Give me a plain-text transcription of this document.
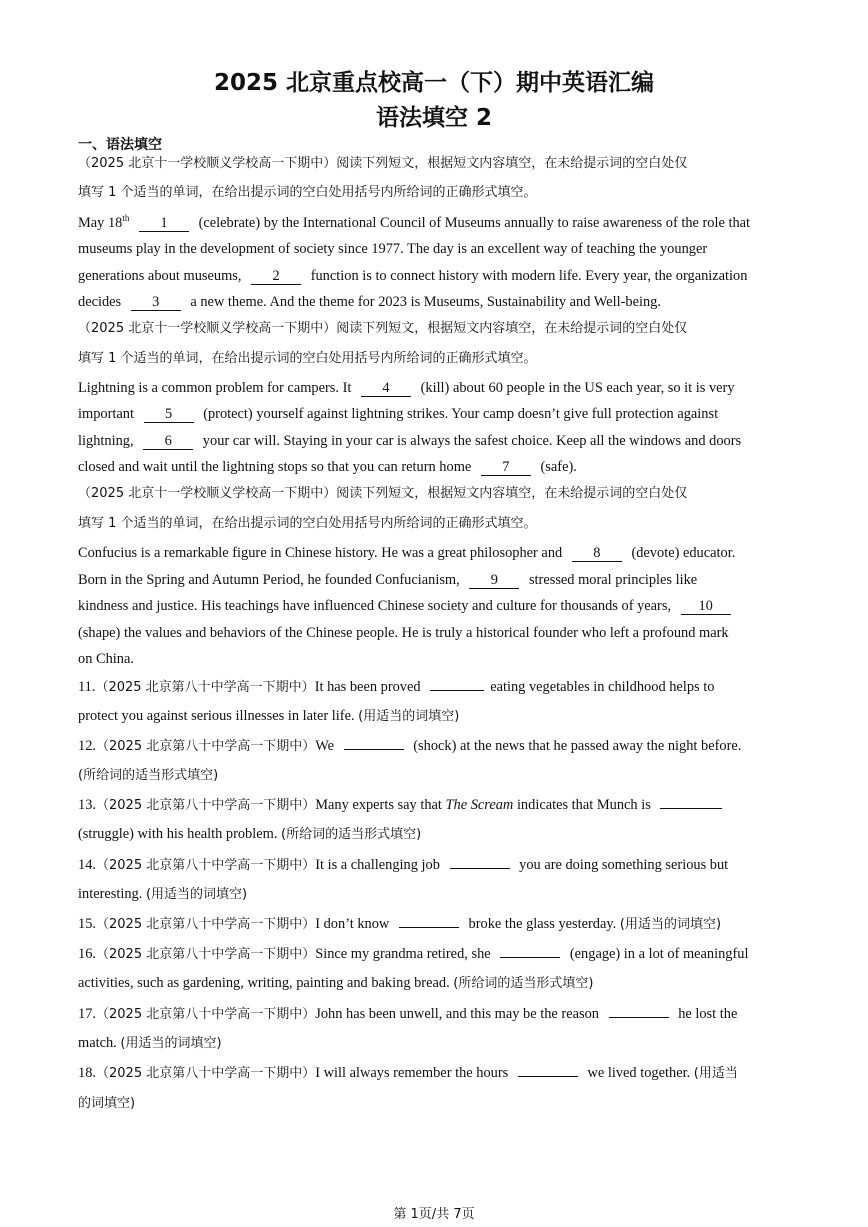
2025 北京重点校高一（下）期中英语汇编
语法填空 2
一、语法填空
（2025 北京十一学校顺义学校高一下期中）阅读下列短文，根据短文内容填空，在未给提示词的空白处仅
填写 1 个适当的单词，在给出提示词的空白处用括号内所给词的正确形式填空。
May 18th 1 (celebrate) by the International Council of Museums annually to raise awareness of the role that
museums play in the development of society since 1977. The day is an excellent way of teaching the younger
generations about museums, 2 function is to connect history with modern life. Every year, the organization
decides 3 a new theme. And the theme for 2023 is Museums, Sustainability and Well-being.
（2025 北京十一学校顺义学校高一下期中）阅读下列短文，根据短文内容填空，在未给提示词的空白处仅
填写 1 个适当的单词，在给出提示词的空白处用括号内所给词的正确形式填空。
Lightning is a common problem for campers. It 4 (kill) about 60 people in the US each year, so it is very
important 5 (protect) yourself against lightning strikes. Your camp doesn’t give full protection against
lightning, 6 your car will. Staying in your car is always the safest choice. Keep all the windows and doors
closed and wait until the lightning stops so that you can return home 7 (safe).
（2025 北京十一学校顺义学校高一下期中）阅读下列短文，根据短文内容填空，在未给提示词的空白处仅
填写 1 个适当的单词，在给出提示词的空白处用括号内所给词的正确形式填空。
Confucius is a remarkable figure in Chinese history. He was a great philosopher and 8 (devote) educator.
Born in the Spring and Autumn Period, he founded Confucianism, 9 stressed moral principles like
kindness and justice. His teachings have influenced Chinese society and culture for thousands of years, 10
(shape) the values and behaviors of the Chinese people. He is truly a historical founder who left a profound mark
on China.
11.（2025 北京第八十中学高一下期中）It has been proved	eating vegetables in childhood helps to
protect you against serious illnesses in later life. (用适当的词填空)
12.（2025 北京第八十中学高一下期中）We	(shock) at the news that he passed away the night before.
(所给词的适当形式填空)
13.（2025 北京第八十中学高一下期中）Many experts say that The Scream indicates that Munch is
(struggle) with his health problem. (所给词的适当形式填空)
14.（2025 北京第八十中学高一下期中）It is a challenging job	you are doing something serious but
interesting. (用适当的词填空)
15.（2025 北京第八十中学高一下期中）I don’t know	broke the glass yesterday. (用适当的词填空)
16.（2025 北京第八十中学高一下期中）Since my grandma retired, she	(engage) in a lot of meaningful
activities, such as gardening, writing, painting and baking bread. (所给词的适当形式填空)
17.（2025 北京第八十中学高一下期中）John has been unwell, and this may be the reason	he lost the
match. (用适当的词填空)
18.（2025 北京第八十中学高一下期中）I will always remember the hours	we lived together. (用适当
的词填空)
第 1页/共 7页
